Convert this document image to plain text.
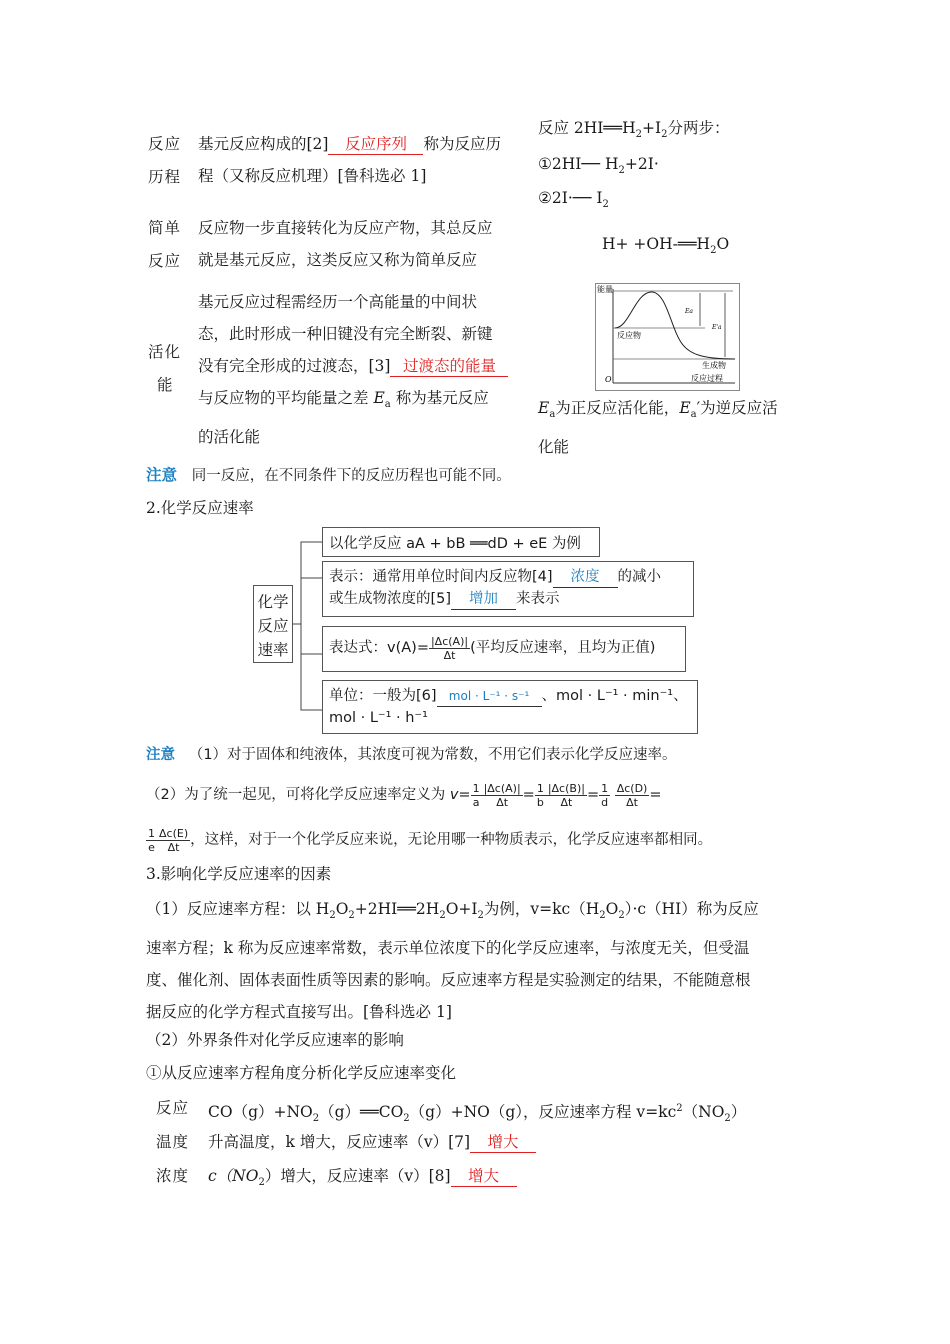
反应
历程
基元反应构成的[2] 反应序列 称为反应历
程（又称反应机理）[鲁科选必 1]
简单
反应
反应物一步直接转化为反应产物，其总反应
就是基元反应，这类反应又称为简单反应
活化
能
基元反应过程需经历一个高能量的中间状
态，此时形成一种旧键没有完全断裂、新键
没有完全形成的过渡态，[3] 过渡态的能量
与反应物的平均能量之差 $E_a$ 称为基元反应
的活化能
反应 $2HI══H_2+I_2$分两步：
①2HI── $H_2+2I\cdot$
②2I·── $I_2$
$H+ +OH-══H_2O$
能量
反应物
生成物
反应过程
O
Ea
E'a
$E_a$为正反应活化能，$E_a'$为逆反应活
化能
注意 同一反应，在不同条件下的反应历程也可能不同。
2.化学反应速率
化学
反应
速率
以化学反应 aA + bB ══dD + eE 为例
表示：通常用单位时间内反应物[4] 浓度 的减小
或生成物浓度的[5] 增加 来表示
表达式：$v(A)= \frac{|\Delta c(A)|}{\Delta t}$ (平均反应速率，且均为正值)
单位：一般为[6] mol · L⁻¹ · s⁻¹ 、mol · L⁻¹ · min⁻¹、
mol · L⁻¹ · h⁻¹
注意 （1）对于固体和纯液体，其浓度可视为常数，不用它们表示化学反应速率。
（2）为了统一起见，可将化学反应速率定义为 $v= \frac{1}{a} \frac{|\Delta c(A)|}{\Delta t} = \frac{1}{b} \frac{|\Delta c(B)|}{\Delta t} = \frac{1}{d}$
$\frac{\Delta c(D)}{\Delta t}$ =
$\frac{1}{e} \frac{\Delta c(E)}{\Delta t}$ ，这样，对于一个化学反应来说，无论用哪一种物质表示，化学反应速率都相同。
3.影响化学反应速率的因素
（1）反应速率方程：以 $H_2O_2+2HI══2H_2O+I_2$为例，$v=kc(H_2O_2)\cdot c(HI)$称为反应
速率方程；k 称为反应速率常数，表示单位浓度下的化学反应速率，与浓度无关，但受温
度、催化剂、固体表面性质等因素的影响。反应速率方程是实验测定的结果，不能随意根
据反应的化学方程式直接写出。[鲁科选必 1]
（2）外界条件对化学反应速率的影响
①从反应速率方程角度分析化学反应速率变化
反应 $CO(g)+NO_2(g)══CO_2(g)+NO(g)$，反应速率方程 $v=kc^2(NO_2)$
温度 升高温度，k 增大，反应速率（v）[7] 增大
浓度 $c(NO_2)$增大，反应速率（v）[8] 增大
